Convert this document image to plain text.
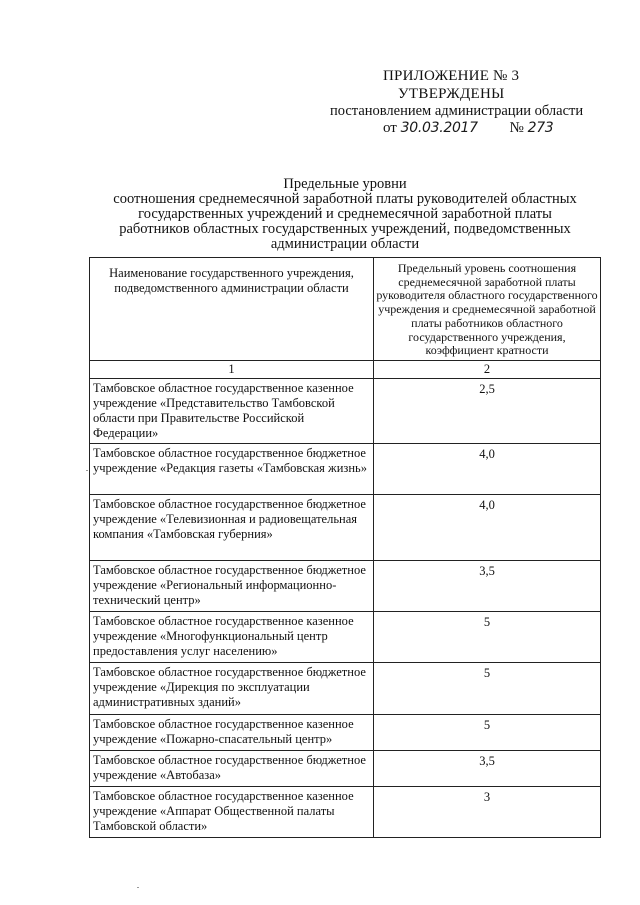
ПРИЛОЖЕНИЕ № 3
УТВЕРЖДЕНЫ
постановлением администрации области
от 30.03.2017 № 273
Предельные уровни
соотношения среднемесячной заработной платы руководителей областных
государственных учреждений и среднемесячной заработной платы
работников областных государственных учреждений, подведомственных
администрации области
Наименование государственного учреждения, подведомственного администрации области	Предельный уровень соотношения среднемесячной заработной платы руководителя областного государственного учреждения и среднемесячной заработной платы работников областного государственного учреждения, коэффициент кратности
1	2
Тамбовское областное государственное казенное учреждение «Представительство Тамбовской области при Правительстве Российской Федерации»	2,5
Тамбовское областное государственное бюджетное учреждение «Редакция газеты «Тамбовская жизнь»	4,0
Тамбовское областное государственное бюджетное учреждение «Телевизионная и радиовещательная компания «Тамбовская губерния»	4,0
Тамбовское областное государственное бюджетное учреждение «Региональный информационно-технический центр»	3,5
Тамбовское областное государственное казенное учреждение «Многофункциональный центр предоставления услуг населению»	5
Тамбовское областное государственное бюджетное учреждение «Дирекция по эксплуатации административных зданий»	5
Тамбовское областное государственное казенное учреждение «Пожарно-спасательный центр»	5
Тамбовское областное государственное бюджетное учреждение «Автобаза»	3,5
Тамбовское областное государственное казенное учреждение «Аппарат Общественной палаты Тамбовской области»	3
